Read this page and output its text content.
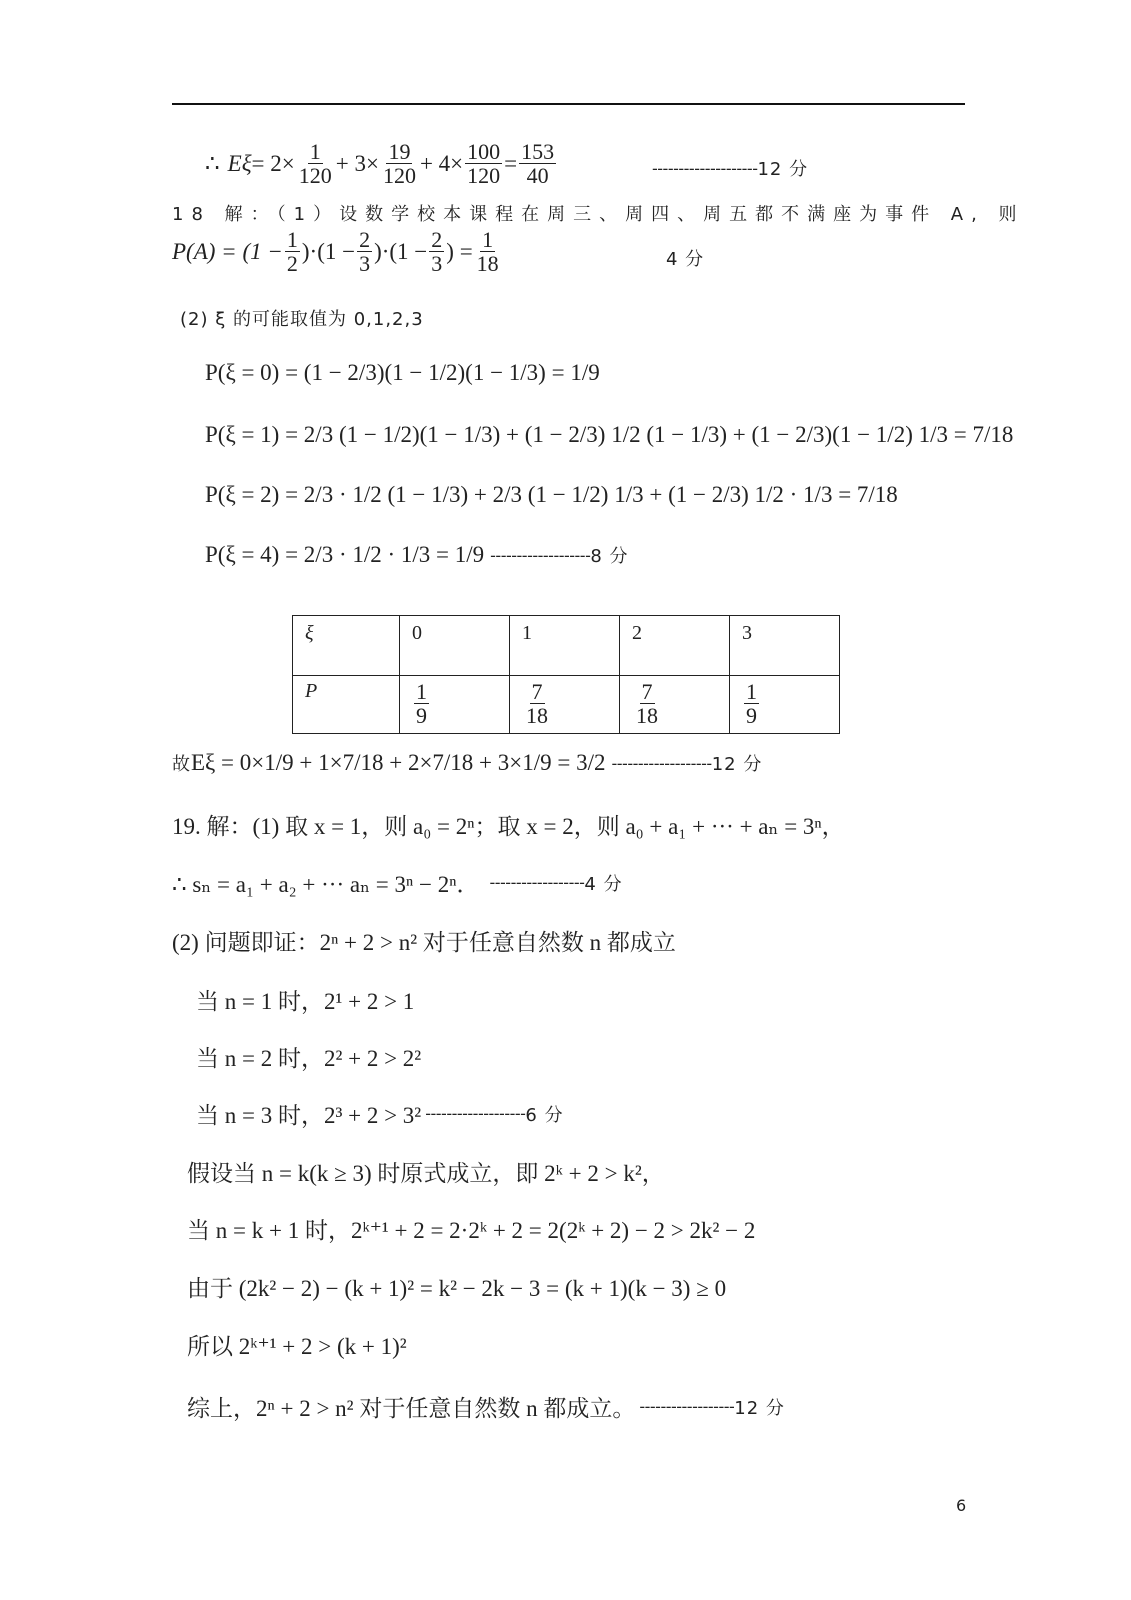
∴ $E\xi = 2\times \frac{1}{120} + 3\times \frac{19}{120} + 4\times \frac{100}{120} = \frac{153}{40}$	-------------------- 12 分
18 解：（1）设数学校本课程在周三、周四、周五都不满座为事件 A, 则
$P(A) = (1 - \frac{1}{2} )\cdot(1 - \frac{2}{3} )\cdot(1 - \frac{2}{3}$ ) = $\frac{1}{18}$	4 分
(2) ξ 的可能取值为 0,1,2,3
P(ξ = 0) = (1 − 2/3)(1 − 1/2)(1 − 1/3) = 1/9
P(ξ = 1) = 2/3 (1 − 1/2)(1 − 1/3) + (1 − 2/3) 1/2 (1 − 1/3) + (1 − 2/3)(1 − 1/2) 1/3 = 7/18
P(ξ = 2) = 2/3 · 1/2 (1 − 1/3) + 2/3 (1 − 1/2) 1/3 + (1 − 2/3) 1/2 · 1/3 = 7/18
P(ξ = 4) = 2/3 · 1/2 · 1/3 = 1/9 ------------------- 8 分
ξ	0	1	2	3
P	$\frac{1}{9}$	$\frac{7}{18}$	$\frac{7}{18}$	$\frac{1}{9}$
故 Eξ = 0×1/9 + 1×7/18 + 2×7/18 + 3×1/9 = 3/2 ------------------- 12 分
19. 解：(1) 取 x = 1，则 a₀ = 2ⁿ；取 x = 2，则 a₀ + a₁ + ··· + aₙ = 3ⁿ，
∴ sₙ = a₁ + a₂ + ··· aₙ = 3ⁿ − 2ⁿ． ------------------ 4 分
(2) 问题即证：2ⁿ + 2 > n² 对于任意自然数 n 都成立
当 n = 1 时，2¹ + 2 > 1
当 n = 2 时，2² + 2 > 2²
当 n = 3 时，2³ + 2 > 3² ------------------- 6 分
假设当 n = k(k ≥ 3) 时原式成立，即 2ᵏ + 2 > k²，
当 n = k + 1 时，2ᵏ⁺¹ + 2 = 2·2ᵏ + 2 = 2(2ᵏ + 2) − 2 > 2k² − 2
由于 (2k² − 2) − (k + 1)² = k² − 2k − 3 = (k + 1)(k − 3) ≥ 0
所以 2ᵏ⁺¹ + 2 > (k + 1)²
综上，2ⁿ + 2 > n² 对于任意自然数 n 都成立。 ------------------ 12 分
6
